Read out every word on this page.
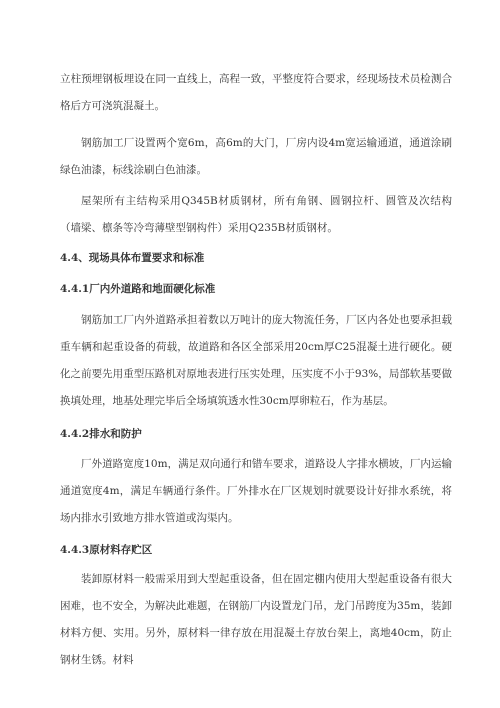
立柱预埋钢板埋设在同一直线上，高程一致，平整度符合要求，经现场技术员检测合格后方可浇筑混凝土。

钢筋加工厂设置两个宽6m，高6m的大门，厂房内设4m宽运输通道，通道涂刷绿色油漆，标线涂刷白色油漆。

屋架所有主结构采用Q345B材质钢材，所有角钢、圆钢拉杆、圆管及次结构（墙梁、檩条等冷弯薄壁型钢构件）采用Q235B材质钢材。

4.4、现场具体布置要求和标准
4.4.1厂内外道路和地面硬化标准

钢筋加工厂内外道路承担着数以万吨计的庞大物流任务，厂区内各处也要承担载重车辆和起重设备的荷载，故道路和各区全部采用20cm厚C25混凝土进行硬化。硬化之前要先用重型压路机对原地表进行压实处理，压实度不小于93%，局部软基要做换填处理，地基处理完毕后全场填筑透水性30cm厚卵粒石，作为基层。

4.4.2排水和防护

厂外道路宽度10m，满足双向通行和错车要求，道路设人字排水横坡，厂内运输通道宽度4m，满足车辆通行条件。厂外排水在厂区规划时就要设计好排水系统，将场内排水引致地方排水管道或沟渠内。

4.4.3原材料存贮区

装卸原材料一般需采用到大型起重设备，但在固定棚内使用大型起重设备有很大困难，也不安全，为解决此难题，在钢筋厂内设置龙门吊，龙门吊跨度为35m，装卸材料方便、实用。另外，原材料一律存放在用混凝土存放台架上，离地40cm，防止钢材生锈。材料
